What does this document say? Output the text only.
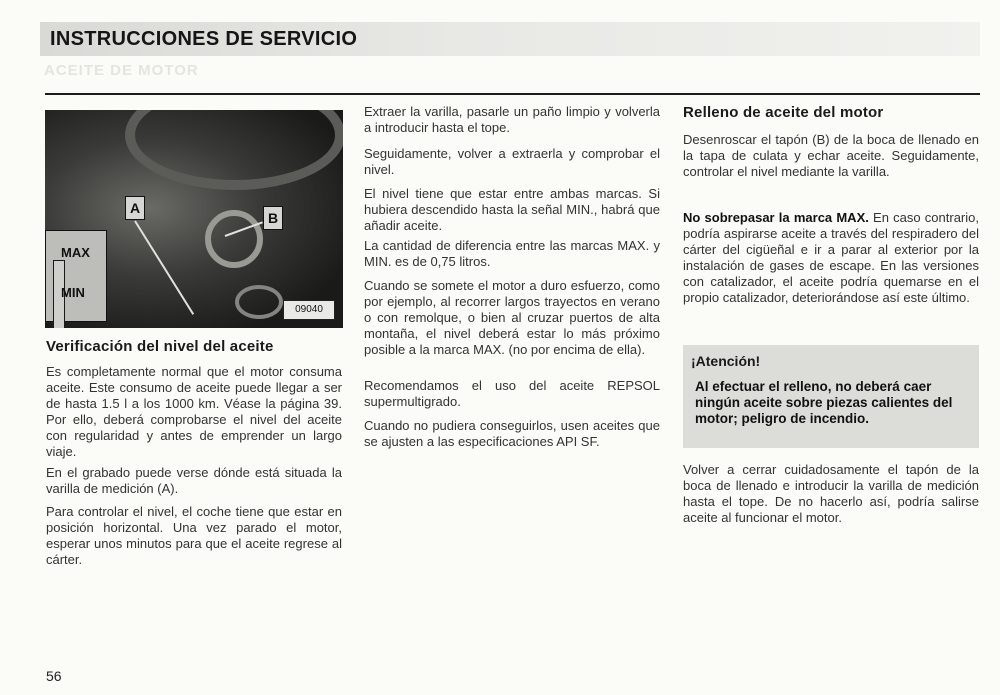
INSTRUCCIONES DE SERVICIO
ACEITE DE MOTOR
MAX
MIN
A
B
09040
Verificación del nivel del aceite

Es completamente normal que el motor consuma aceite. Este consumo de aceite puede llegar a ser de hasta 1.5 l a los 1000 km. Véase la página 39. Por ello, deberá comprobarse el nivel del aceite con regularidad y antes de emprender un largo viaje.

En el grabado puede verse dónde está situada la varilla de medición (A).

Para controlar el nivel, el coche tiene que estar en posición horizontal. Una vez parado el motor, esperar unos minutos para que el aceite regrese al cárter.

Extraer la varilla, pasarle un paño limpio y volverla a introducir hasta el tope.

Seguidamente, volver a extraerla y comprobar el nivel.

El nivel tiene que estar entre ambas marcas. Si hubiera descendido hasta la señal MIN., habrá que añadir aceite.

La cantidad de diferencia entre las marcas MAX. y MIN. es de 0,75 litros.

Cuando se somete el motor a duro esfuerzo, como por ejemplo, al recorrer largos trayectos en verano o con remolque, o bien al cruzar puertos de alta montaña, el nivel deberá estar lo más próximo posible a la marca MAX. (no por encima de ella).

Recomendamos el uso del aceite REPSOL supermultigrado.

Cuando no pudiera conseguirlos, usen aceites que se ajusten a las especificaciones API SF.

Relleno de aceite del motor

Desenroscar el tapón (B) de la boca de llenado en la tapa de culata y echar aceite. Seguidamente, controlar el nivel mediante la varilla.

No sobrepasar la marca MAX. En caso contrario, podría aspirarse aceite a través del respiradero del cárter del cigüeñal e ir a parar al exterior por la instalación de gases de escape. En las versiones con catalizador, el aceite podría quemarse en el propio catalizador, deteriorándose así este último.

¡Atención!

Al efectuar el relleno, no deberá caer ningún aceite sobre piezas calientes del motor; peligro de incendio.

Volver a cerrar cuidadosamente el tapón de la boca de llenado e introducir la varilla de medición hasta el tope. De no hacerlo así, podría salirse aceite al funcionar el motor.

56
